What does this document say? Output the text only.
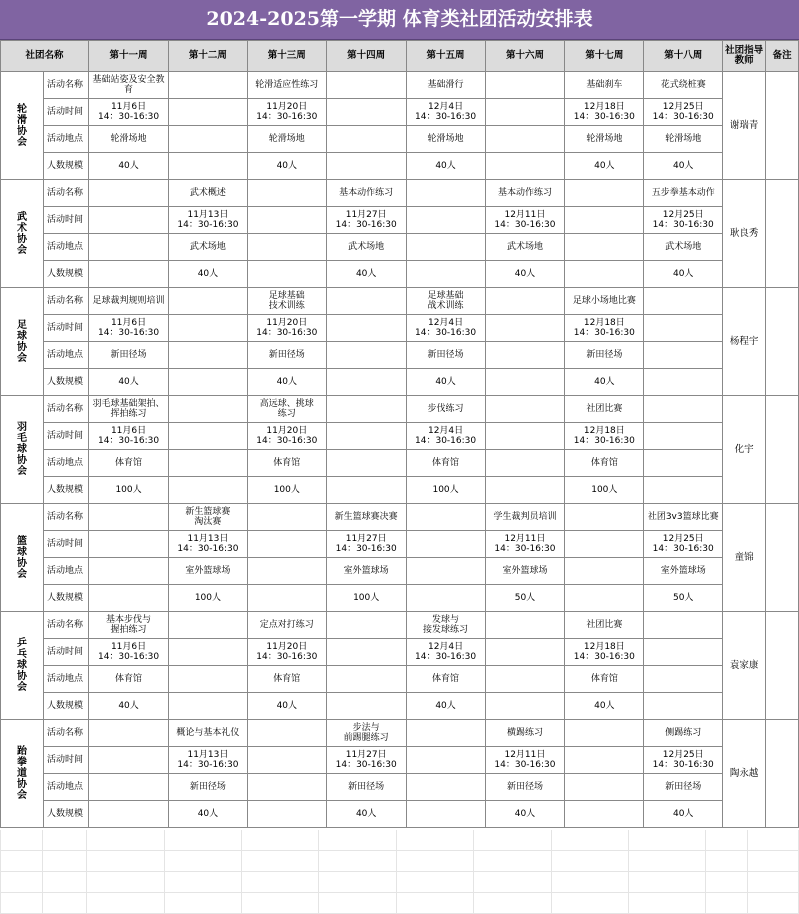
2024-2025第一学期 体育类社团活动安排表
社团名称		第十一周	第十二周	第十三周	第十四周	第十五周	第十六周	第十七周	第十八周	社团指导教师	备注
轮滑协会	活动名称	基础站姿及安全教育		轮滑适应性练习		基础滑行		基础刹车	花式绕桩赛	谢瑞青	
	活动时间	11月6日
14：30-16:30		11月20日
14：30-16:30		12月4日
14：30-16:30		12月18日
14：30-16:30	12月25日
14：30-16:30		
	活动地点	轮滑场地		轮滑场地		轮滑场地		轮滑场地	轮滑场地		
	人数规模	40人		40人		40人		40人	40人		
武术协会	活动名称		武术概述		基本动作练习		基本动作练习		五步拳基本动作	耿良秀	
	活动时间		11月13日
14：30-16:30		11月27日
14：30-16:30		12月11日
14：30-16:30		12月25日
14：30-16:30		
	活动地点		武术场地		武术场地		武术场地		武术场地		
	人数规模		40人		40人		40人		40人		
足球协会	活动名称	足球裁判规则培训		足球基础
技术训练		足球基础
战术训练		足球小场地比赛		杨程宇	
	活动时间	11月6日
14：30-16:30		11月20日
14：30-16:30		12月4日
14：30-16:30		12月18日
14：30-16:30			
	活动地点	新田径场		新田径场		新田径场		新田径场			
	人数规模	40人		40人		40人		40人			
羽毛球协会	活动名称	羽毛球基础架拍、
挥拍练习		高远球、挑球
练习		步伐练习		社团比赛		化宇	
	活动时间	11月6日
14：30-16:30		11月20日
14：30-16:30		12月4日
14：30-16:30		12月18日
14：30-16:30			
	活动地点	体育馆		体育馆		体育馆		体育馆			
	人数规模	100人		100人		100人		100人			
篮球协会	活动名称		新生篮球赛
淘汰赛		新生篮球赛决赛		学生裁判员培训		社团3v3篮球比赛	童锦	
	活动时间		11月13日
14：30-16:30		11月27日
14：30-16:30		12月11日
14：30-16:30		12月25日
14：30-16:30		
	活动地点		室外篮球场		室外篮球场		室外篮球场		室外篮球场		
	人数规模		100人		100人		50人		50人		
乒乓球协会	活动名称	基本步伐与
握拍练习		定点对打练习		发球与
接发球练习		社团比赛		袁家康	
	活动时间	11月6日
14：30-16:30		11月20日
14：30-16:30		12月4日
14：30-16:30		12月18日
14：30-16:30			
	活动地点	体育馆		体育馆		体育馆		体育馆			
	人数规模	40人		40人		40人		40人			
跆拳道协会	活动名称		概论与基本礼仪		步法与
前踢腿练习		横踢练习		侧踢练习	陶永越	
	活动时间		11月13日
14：30-16:30		11月27日
14：30-16:30		12月11日
14：30-16:30		12月25日
14：30-16:30		
	活动地点		新田径场		新田径场		新田径场		新田径场		
	人数规模		40人		40人		40人		40人		
